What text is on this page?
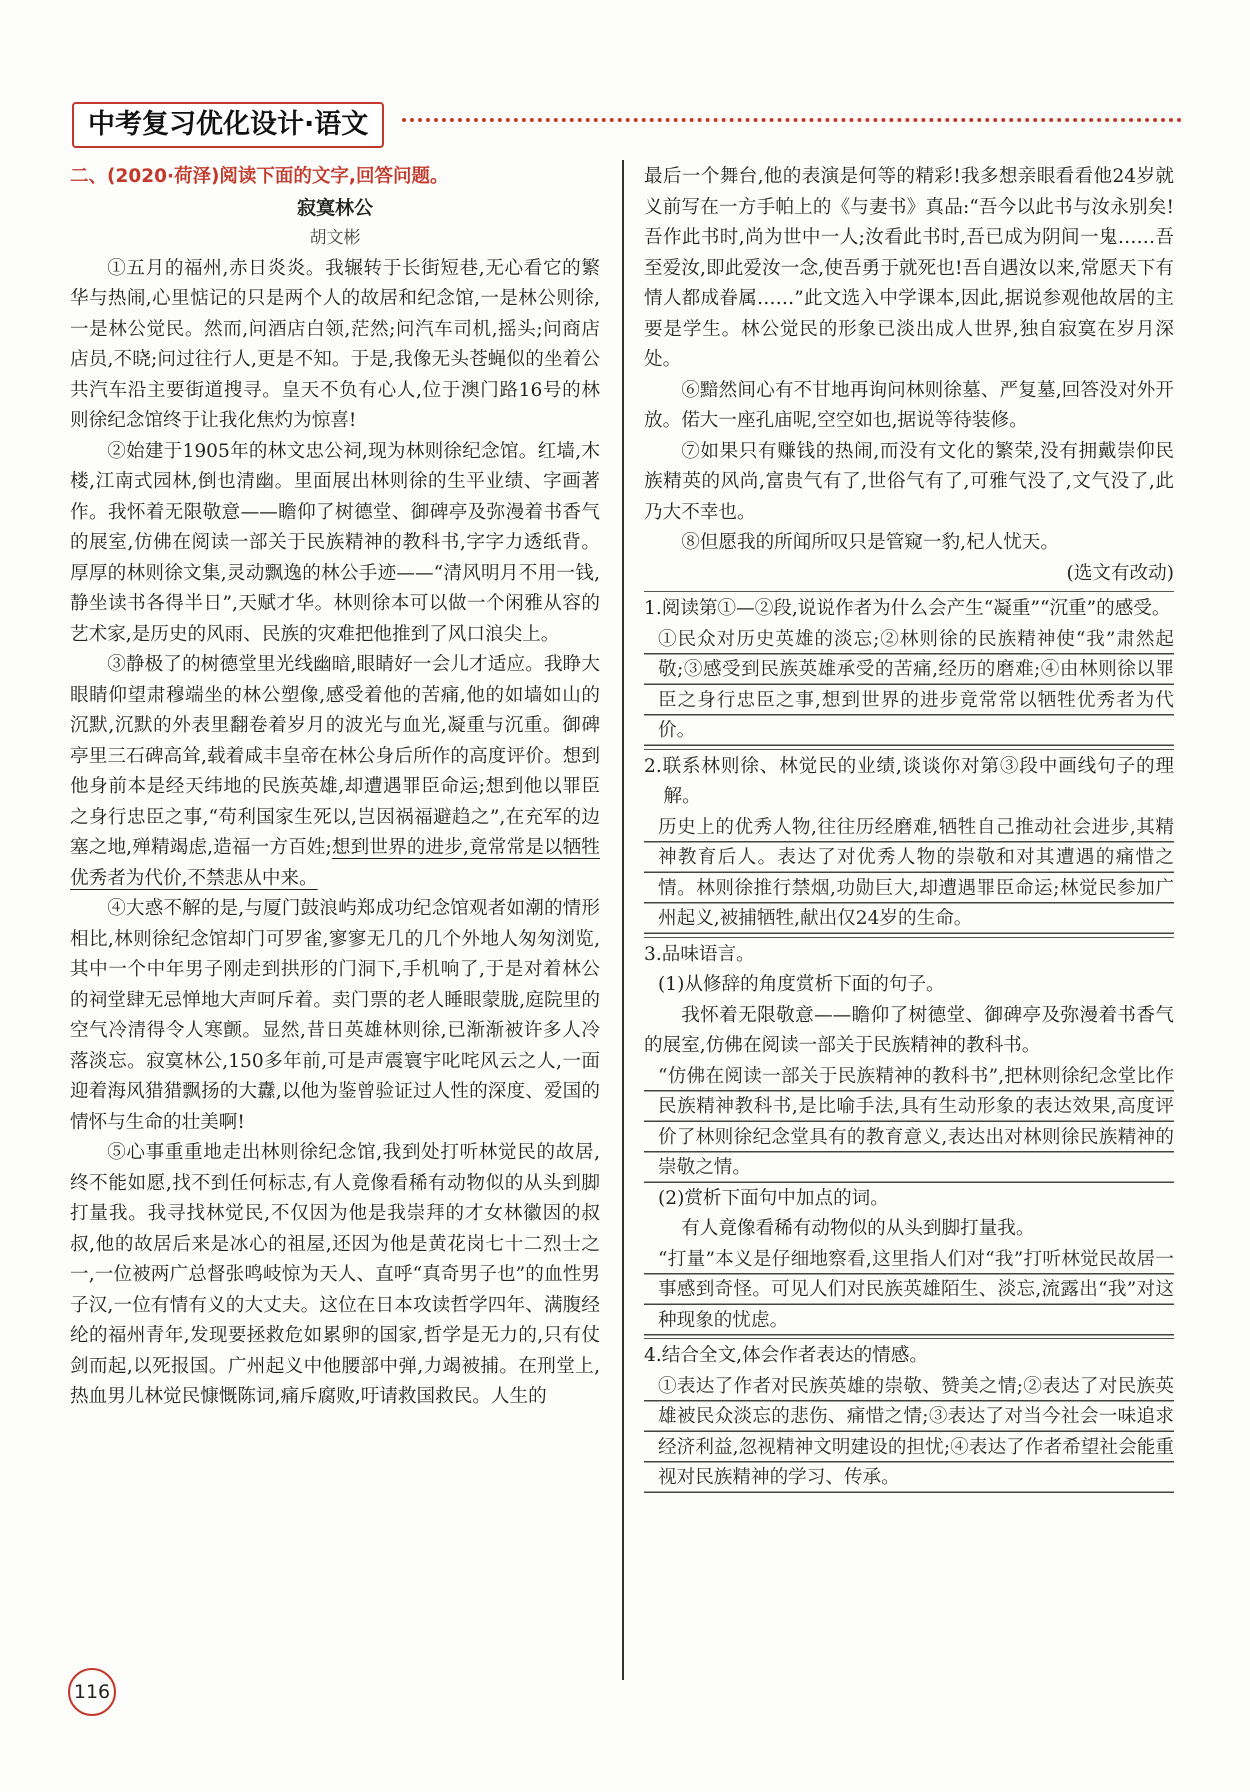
中考复习优化设计·语文

二、(2020·荷泽)阅读下面的文字,回答问题。

寂寞林公

胡文彬

①五月的福州,赤日炎炎。我辗转于长街短巷,无心看它的繁华与热闹,心里惦记的只是两个人的故居和纪念馆,一是林公则徐,一是林公觉民。然而,问酒店白领,茫然;问汽车司机,摇头;问商店店员,不晓;问过往行人,更是不知。于是,我像无头苍蝇似的坐着公共汽车沿主要街道搜寻。皇天不负有心人,位于澳门路16号的林则徐纪念馆终于让我化焦灼为惊喜!

②始建于1905年的林文忠公祠,现为林则徐纪念馆。红墙,木楼,江南式园林,倒也清幽。里面展出林则徐的生平业绩、字画著作。我怀着无限敬意——瞻仰了树德堂、御碑亭及弥漫着书香气的展室,仿佛在阅读一部关于民族精神的教科书,字字力透纸背。厚厚的林则徐文集,灵动飘逸的林公手迹——“清风明月不用一钱,静坐读书各得半日”,天赋才华。林则徐本可以做一个闲雅从容的艺术家,是历史的风雨、民族的灾难把他推到了风口浪尖上。

③静极了的树德堂里光线幽暗,眼睛好一会儿才适应。我睁大眼睛仰望肃穆端坐的林公塑像,感受着他的苦痛,他的如墙如山的沉默,沉默的外表里翻卷着岁月的波光与血光,凝重与沉重。御碑亭里三石碑高耸,载着咸丰皇帝在林公身后所作的高度评价。想到他身前本是经天纬地的民族英雄,却遭遇罪臣命运;想到他以罪臣之身行忠臣之事,“苟利国家生死以,岂因祸福避趋之”,在充军的边塞之地,殚精竭虑,造福一方百姓;想到世界的进步,竟常常是以牺牲优秀者为代价,不禁悲从中来。

④大惑不解的是,与厦门鼓浪屿郑成功纪念馆观者如潮的情形相比,林则徐纪念馆却门可罗雀,寥寥无几的几个外地人匆匆浏览,其中一个中年男子刚走到拱形的门洞下,手机响了,于是对着林公的祠堂肆无忌惮地大声呵斥着。卖门票的老人睡眼蒙胧,庭院里的空气冷清得令人寒颤。显然,昔日英雄林则徐,已渐渐被许多人冷落淡忘。寂寞林公,150多年前,可是声震寰宇叱咤风云之人,一面迎着海风猎猎飘扬的大纛,以他为鉴曾验证过人性的深度、爱国的情怀与生命的壮美啊!

⑤心事重重地走出林则徐纪念馆,我到处打听林觉民的故居,终不能如愿,找不到任何标志,有人竟像看稀有动物似的从头到脚打量我。我寻找林觉民,不仅因为他是我崇拜的才女林徽因的叔叔,他的故居后来是冰心的祖屋,还因为他是黄花岗七十二烈士之一,一位被两广总督张鸣岐惊为天人、直呼“真奇男子也”的血性男子汉,一位有情有义的大丈夫。这位在日本攻读哲学四年、满腹经纶的福州青年,发现要拯救危如累卵的国家,哲学是无力的,只有仗剑而起,以死报国。广州起义中他腰部中弹,力竭被捕。在刑堂上,热血男儿林觉民慷慨陈词,痛斥腐败,吁请救国救民。人生的

最后一个舞台,他的表演是何等的精彩!我多想亲眼看看他24岁就义前写在一方手帕上的《与妻书》真品:“吾今以此书与汝永别矣!吾作此书时,尚为世中一人;汝看此书时,吾已成为阴间一鬼……吾至爱汝,即此爱汝一念,使吾勇于就死也!吾自遇汝以来,常愿天下有情人都成眷属……”此文选入中学课本,因此,据说参观他故居的主要是学生。林公觉民的形象已淡出成人世界,独自寂寞在岁月深处。

⑥黯然间心有不甘地再询问林则徐墓、严复墓,回答没对外开放。偌大一座孔庙呢,空空如也,据说等待装修。

⑦如果只有赚钱的热闹,而没有文化的繁荣,没有拥戴崇仰民族精英的风尚,富贵气有了,世俗气有了,可雅气没了,文气没了,此乃大不幸也。

⑧但愿我的所闻所叹只是管窥一豹,杞人忧天。

(选文有改动)

1.阅读第①—②段,说说作者为什么会产生“凝重”“沉重”的感受。

①民众对历史英雄的淡忘;②林则徐的民族精神使“我”肃然起敬;③感受到民族英雄承受的苦痛,经历的磨难;④由林则徐以罪臣之身行忠臣之事,想到世界的进步竟常常以牺牲优秀者为代价。

2.联系林则徐、林觉民的业绩,谈谈你对第③段中画线句子的理解。

历史上的优秀人物,往往历经磨难,牺牲自己推动社会进步,其精神教育后人。表达了对优秀人物的崇敬和对其遭遇的痛惜之情。林则徐推行禁烟,功勋巨大,却遭遇罪臣命运;林觉民参加广州起义,被捕牺牲,献出仅24岁的生命。

3.品味语言。

(1)从修辞的角度赏析下面的句子。

我怀着无限敬意——瞻仰了树德堂、御碑亭及弥漫着书香气的展室,仿佛在阅读一部关于民族精神的教科书。

“仿佛在阅读一部关于民族精神的教科书”,把林则徐纪念堂比作民族精神教科书,是比喻手法,具有生动形象的表达效果,高度评价了林则徐纪念堂具有的教育意义,表达出对林则徐民族精神的崇敬之情。

(2)赏析下面句中加点的词。

有人竟像看稀有动物似的从头到脚打量我。

“打量”本义是仔细地察看,这里指人们对“我”打听林觉民故居一事感到奇怪。可见人们对民族英雄陌生、淡忘,流露出“我”对这种现象的忧虑。

4.结合全文,体会作者表达的情感。

①表达了作者对民族英雄的崇敬、赞美之情;②表达了对民族英雄被民众淡忘的悲伤、痛惜之情;③表达了对当今社会一味追求经济利益,忽视精神文明建设的担忧;④表达了作者希望社会能重视对民族精神的学习、传承。

116
